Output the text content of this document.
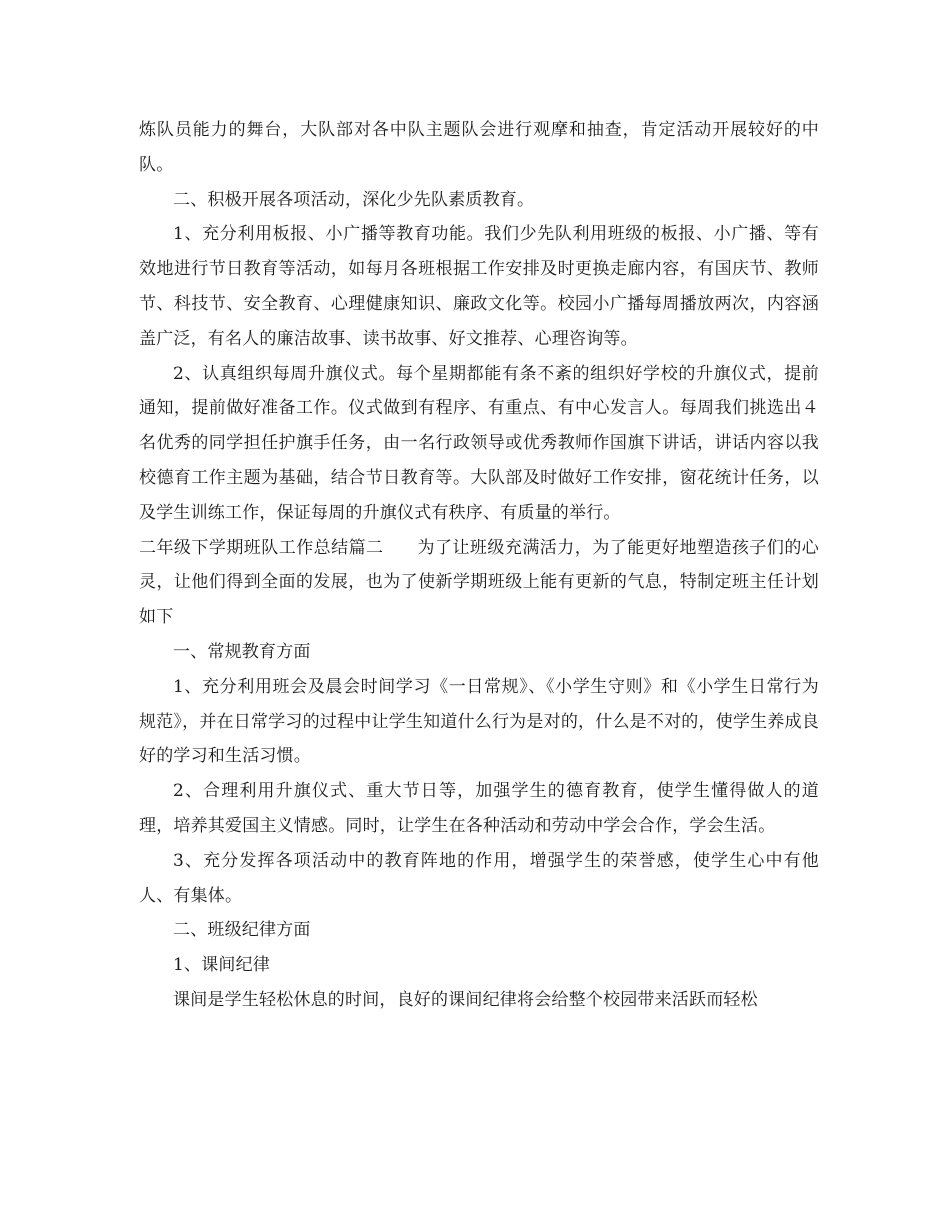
炼队员能力的舞台，大队部对各中队主题队会进行观摩和抽查，肯定活动开展较好的中队。

二、积极开展各项活动，深化少先队素质教育。

1、充分利用板报、小广播等教育功能。我们少先队利用班级的板报、小广播、等有效地进行节日教育等活动，如每月各班根据工作安排及时更换走廊内容，有国庆节、教师节、科技节、安全教育、心理健康知识、廉政文化等。校园小广播每周播放两次，内容涵盖广泛，有名人的廉洁故事、读书故事、好文推荐、心理咨询等。

2、认真组织每周升旗仪式。每个星期都能有条不紊的组织好学校的升旗仪式，提前通知，提前做好准备工作。仪式做到有程序、有重点、有中心发言人。每周我们挑选出４名优秀的同学担任护旗手任务，由一名行政领导或优秀教师作国旗下讲话，讲话内容以我校德育工作主题为基础，结合节日教育等。大队部及时做好工作安排，窗花统计任务，以及学生训练工作，保证每周的升旗仪式有秩序、有质量的举行。

二年级下学期班队工作总结篇二 为了让班级充满活力，为了能更好地塑造孩子们的心灵，让他们得到全面的发展，也为了使新学期班级上能有更新的气息，特制定班主任计划如下

一、常规教育方面

1、充分利用班会及晨会时间学习《一日常规》、《小学生守则》和《小学生日常行为规范》，并在日常学习的过程中让学生知道什么行为是对的，什么是不对的，使学生养成良好的学习和生活习惯。

2、合理利用升旗仪式、重大节日等，加强学生的德育教育，使学生懂得做人的道理，培养其爱国主义情感。同时，让学生在各种活动和劳动中学会合作，学会生活。

3、充分发挥各项活动中的教育阵地的作用，增强学生的荣誉感，使学生心中有他人、有集体。

二、班级纪律方面

1、课间纪律

课间是学生轻松休息的时间，良好的课间纪律将会给整个校园带来活跃而轻松
